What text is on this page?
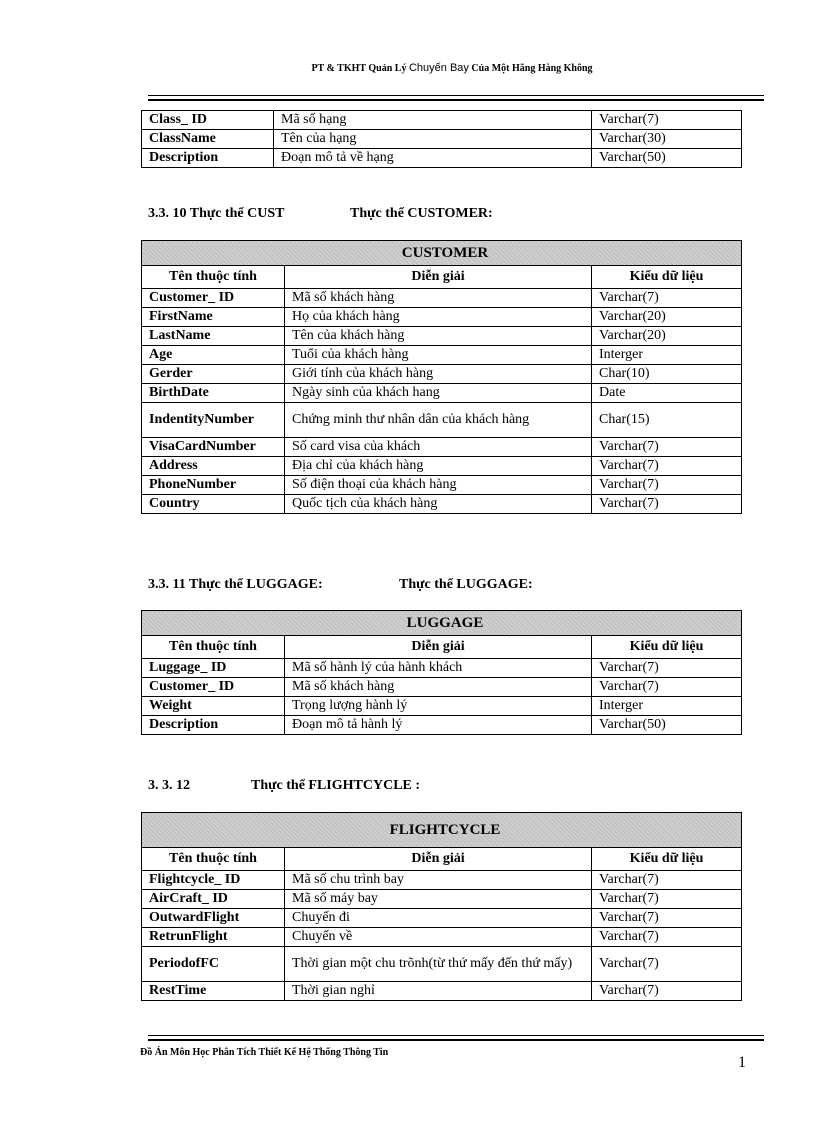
PT & TKHT Quản Lý Chuyến Bay Của Một Hãng Hàng Không
Class_ ID	Mã số hạng	Varchar(7)
ClassName	Tên của hạng	Varchar(30)
Description	Đoạn mô tả về hạng	Varchar(50)
3.3. 10 Thực thể CUST	Thực thể CUSTOMER:
CUSTOMER		
Tên thuộc tính	Diễn giải	Kiểu dữ liệu
Customer_ ID	Mã số khách hàng	Varchar(7)
FirstName	Họ của khách hàng	Varchar(20)
LastName	Tên của khách hàng	Varchar(20)
Age	Tuổi của khách hàng	Interger
Gerder	Giới tính của khách hàng	Char(10)
BirthDate	Ngày sinh của khách hang	Date
IndentityNumber	Chứng minh thư nhân dân của khách hàng	Char(15)
VisaCardNumber	Số card visa của khách	Varchar(7)
Address	Địa chỉ của khách hàng	Varchar(7)
PhoneNumber	Số điện thoại của khách hàng	Varchar(7)
Country	Quốc tịch của khách hàng	Varchar(7)
3.3. 11 Thực thể LUGGAGE:	Thực thể LUGGAGE:
LUGGAGE		
Tên thuộc tính	Diễn giải	Kiểu dữ liệu
Luggage_ ID	Mã số hành lý của hành khách	Varchar(7)
Customer_ ID	Mã số khách hàng	Varchar(7)
Weight	Trọng lượng hành lý	Interger
Description	Đoạn mô tả hành lý	Varchar(50)
3. 3. 12	Thực thể FLIGHTCYCLE :
FLIGHTCYCLE		
Tên thuộc tính	Diễn giải	Kiểu dữ liệu
Flightcycle_ ID	Mã số chu trình bay	Varchar(7)
AirCraft_ ID	Mã số máy bay	Varchar(7)
OutwardFlight	Chuyến đi	Varchar(7)
RetrunFlight	Chuyến về	Varchar(7)
PeriodofFC	Thời gian một chu trõnh(từ thứ mấy đến thứ mấy)	Varchar(7)
RestTime	Thời gian nghỉ	Varchar(7)
Đồ Án Môn Học Phân Tích Thiết Kế Hệ Thống Thông Tin
1
